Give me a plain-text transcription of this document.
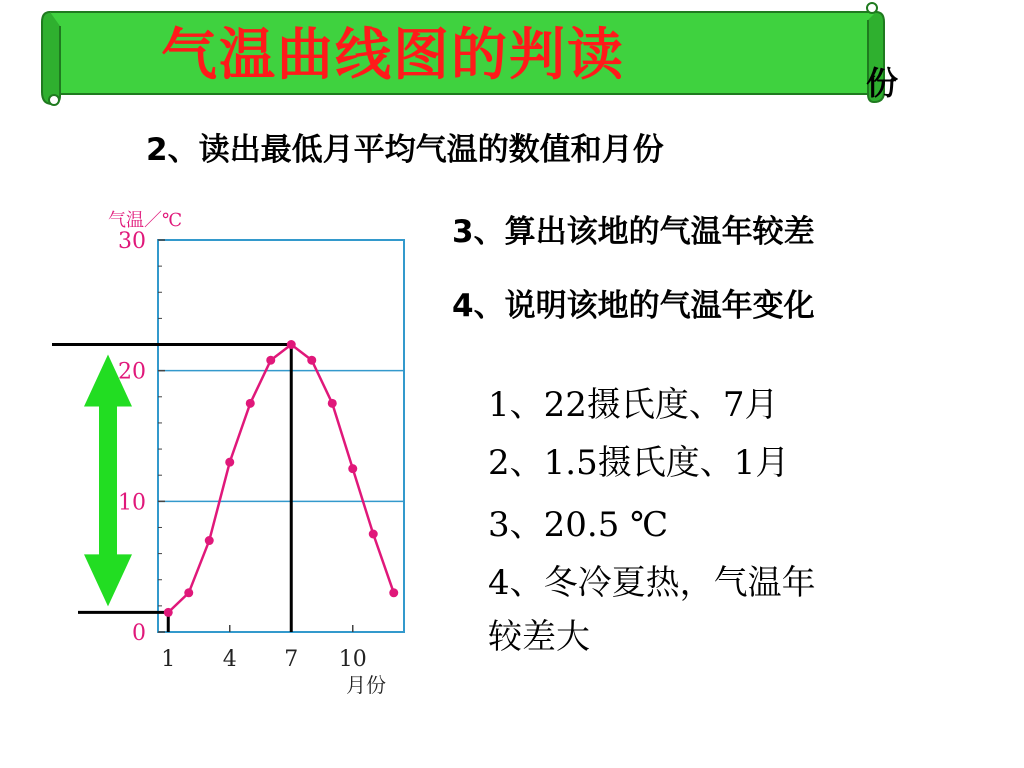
气温曲线图的判读	份
2、读出最低月平均气温的数值和月份
3、算出该地的气温年较差
4、说明该地的气温年变化
1、22摄氏度、7月
2、1.5摄氏度、1月
3、20.5 ℃
4、冬冷夏热，气温年
较差大
0
10
20
30
1 4 7 10
气温／℃
月份
